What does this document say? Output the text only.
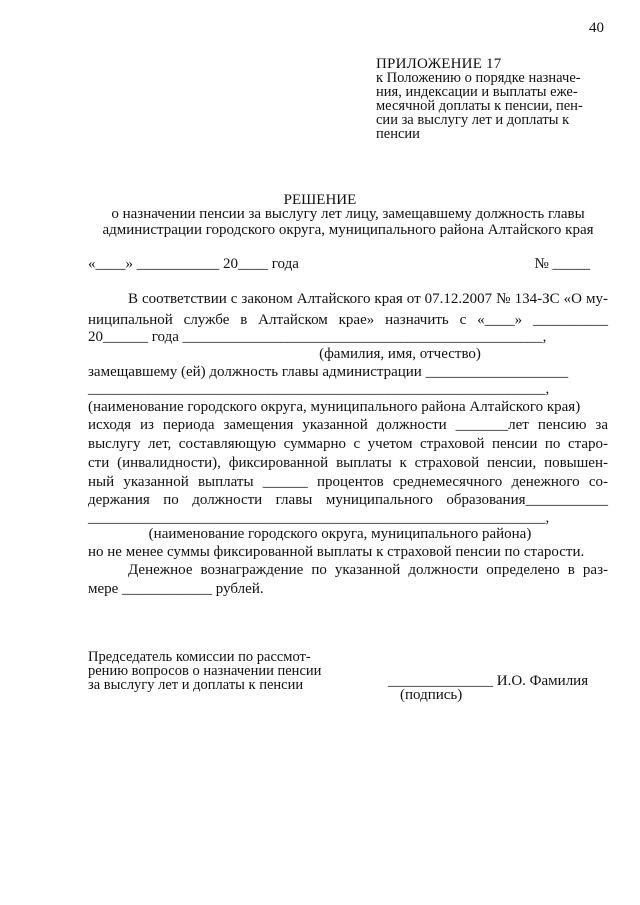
40
ПРИЛОЖЕНИЕ 17
к Положению о порядке назначе-
ния, индексации и выплаты еже-
месячной доплаты к пенсии, пен-
сии за выслугу лет и доплаты к
пенсии
РЕШЕНИЕ
о назначении пенсии за выслугу лет лицу, замещавшему должность главы
администрации городского округа, муниципального района Алтайского края
«____» ___________ 20____ года	№ _____
В соответствии с законом Алтайского края от 07.12.2007 № 134-ЗС «О му-
ниципальной службе в Алтайском крае» назначить с «____» __________
20______ года ________________________________________________,
(фамилия, имя, отчество)
замещавшему (ей) должность главы администрации ___________________
_____________________________________________________________,
(наименование городского округа, муниципального района Алтайского края)
исходя из периода замещения указанной должности _______лет пенсию за
выслугу лет, составляющую суммарно с учетом страховой пенсии по старо-
сти (инвалидности), фиксированной выплаты к страховой пенсии, повышен-
ный указанной выплаты ______ процентов среднемесячного денежного со-
держания по должности главы муниципального образования___________
_____________________________________________________________,
(наименование городского округа, муниципального района)
но не менее суммы фиксированной выплаты к страховой пенсии по старости.
Денежное вознаграждение по указанной должности определено в раз-
мере ____________ рублей.
Председатель комиссии по рассмот-
рению вопросов о назначении пенсии
за выслугу лет и доплаты к пенсии	______________ И.О. Фамилия
(подпись)
